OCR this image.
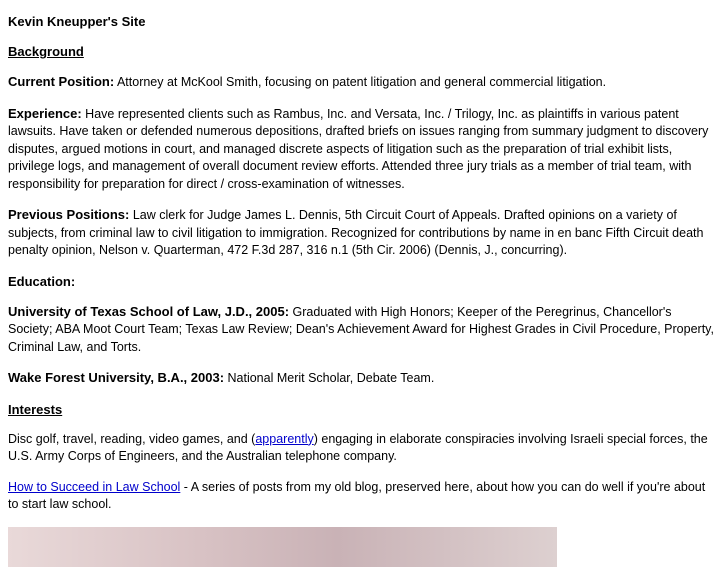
Kevin Kneupper's Site
Background

Current Position: Attorney at McKool Smith, focusing on patent litigation and general commercial litigation.

Experience: Have represented clients such as Rambus, Inc. and Versata, Inc. / Trilogy, Inc. as plaintiffs in various patent lawsuits. Have taken or defended numerous depositions, drafted briefs on issues ranging from summary judgment to discovery disputes, argued motions in court, and managed discrete aspects of litigation such as the preparation of trial exhibit lists, privilege logs, and management of overall document review efforts. Attended three jury trials as a member of trial team, with responsibility for preparation for direct / cross-examination of witnesses.

Previous Positions: Law clerk for Judge James L. Dennis, 5th Circuit Court of Appeals. Drafted opinions on a variety of subjects, from criminal law to civil litigation to immigration. Recognized for contributions by name in en banc Fifth Circuit death penalty opinion, Nelson v. Quarterman, 472 F.3d 287, 316 n.1 (5th Cir. 2006) (Dennis, J., concurring).

Education:

University of Texas School of Law, J.D., 2005: Graduated with High Honors; Keeper of the Peregrinus, Chancellor's Society; ABA Moot Court Team; Texas Law Review; Dean's Achievement Award for Highest Grades in Civil Procedure, Property, Criminal Law, and Torts.

Wake Forest University, B.A., 2003: National Merit Scholar, Debate Team.

Interests

Disc golf, travel, reading, video games, and (apparently) engaging in elaborate conspiracies involving Israeli special forces, the U.S. Army Corps of Engineers, and the Australian telephone company.

How to Succeed in Law School - A series of posts from my old blog, preserved here, about how you can do well if you're about to start law school.
